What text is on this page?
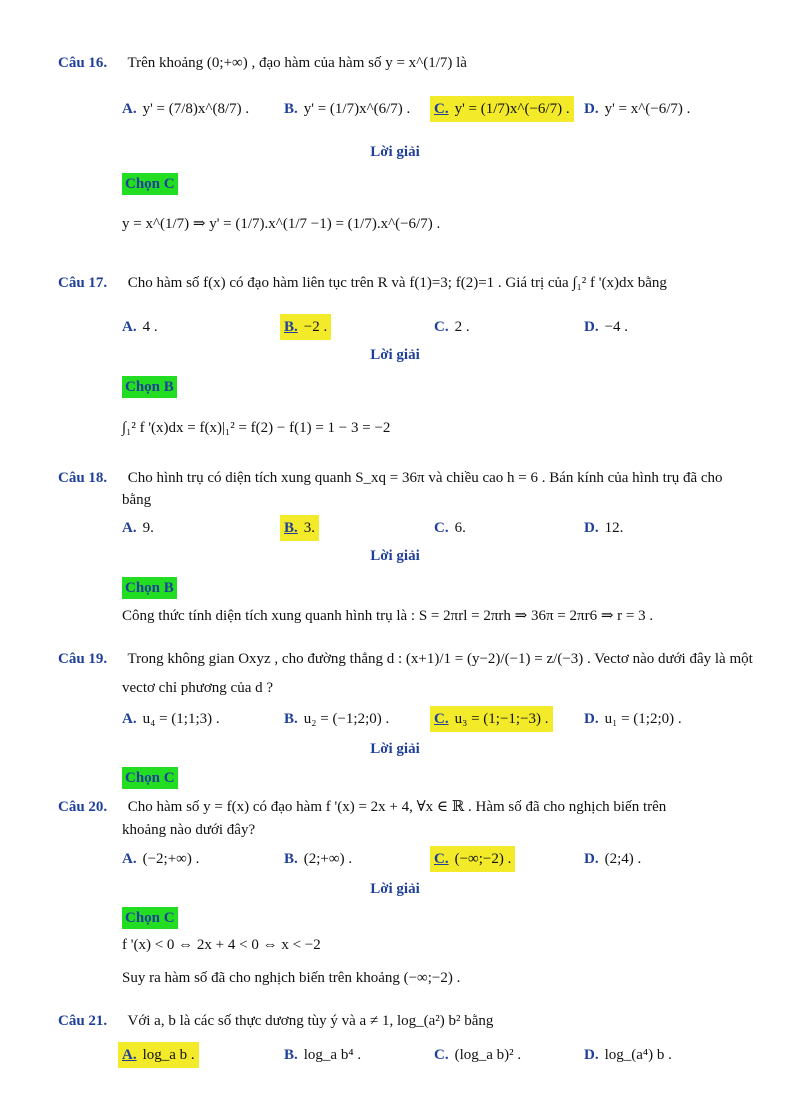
Câu 16. Trên khoảng (0;+∞) , đạo hàm của hàm số y = x^(1/7) là
A. y' = (7/8)x^(8/7) . B. y' = (1/7)x^(6/7) . C. y' = (1/7)x^(−6/7) . D. y' = x^(−6/7) .
Lời giải
Chọn C
y = x^(1/7) ⇒ y' = (1/7).x^(1/7 −1) = (1/7).x^(−6/7) .
Câu 17. Cho hàm số f(x) có đạo hàm liên tục trên R và f(1)=3; f(2)=1 . Giá trị của ∫₁² f '(x)dx bằng
A. 4 .	B. −2 .	C. 2 .	D. −4 .
Lời giải
Chọn B
∫₁² f '(x)dx = f(x)|₁² = f(2) − f(1) = 1 − 3 = −2
Câu 18. Cho hình trụ có diện tích xung quanh S_xq = 36π và chiều cao h = 6 . Bán kính của hình trụ đã cho
bằng
A. 9.	B. 3.	C. 6.	D. 12.
Lời giải
Chọn B
Công thức tính diện tích xung quanh hình trụ là : S = 2πrl = 2πrh ⇒ 36π = 2πr6 ⇒ r = 3 .
Câu 19. Trong không gian Oxyz , cho đường thẳng d : (x+1)/1 = (y−2)/(−1) = z/(−3) . Vectơ nào dưới đây là một
vectơ chỉ phương của d ?
A. u₄ = (1;1;3) .	B. u₂ = (−1;2;0) .	C. u₃ = (1;−1;−3) . D. u₁ = (1;2;0) .
Lời giải
Chọn C
Câu 20. Cho hàm số y = f(x) có đạo hàm f '(x) = 2x + 4, ∀x ∈ ℝ . Hàm số đã cho nghịch biến trên
khoảng nào dưới đây?
A. (−2;+∞) .	B. (2;+∞) .	C. (−∞;−2) .	D. (2;4) .
Lời giải
Chọn C
f '(x) < 0 ⇔ 2x + 4 < 0 ⇔ x < −2
Suy ra hàm số đã cho nghịch biến trên khoảng (−∞;−2) .
Câu 21. Với a, b là các số thực dương tùy ý và a ≠ 1, log_(a²) b² bằng
A. log_a b .	B. log_a b⁴ .	C. (log_a b)² .	D. log_(a⁴) b .
